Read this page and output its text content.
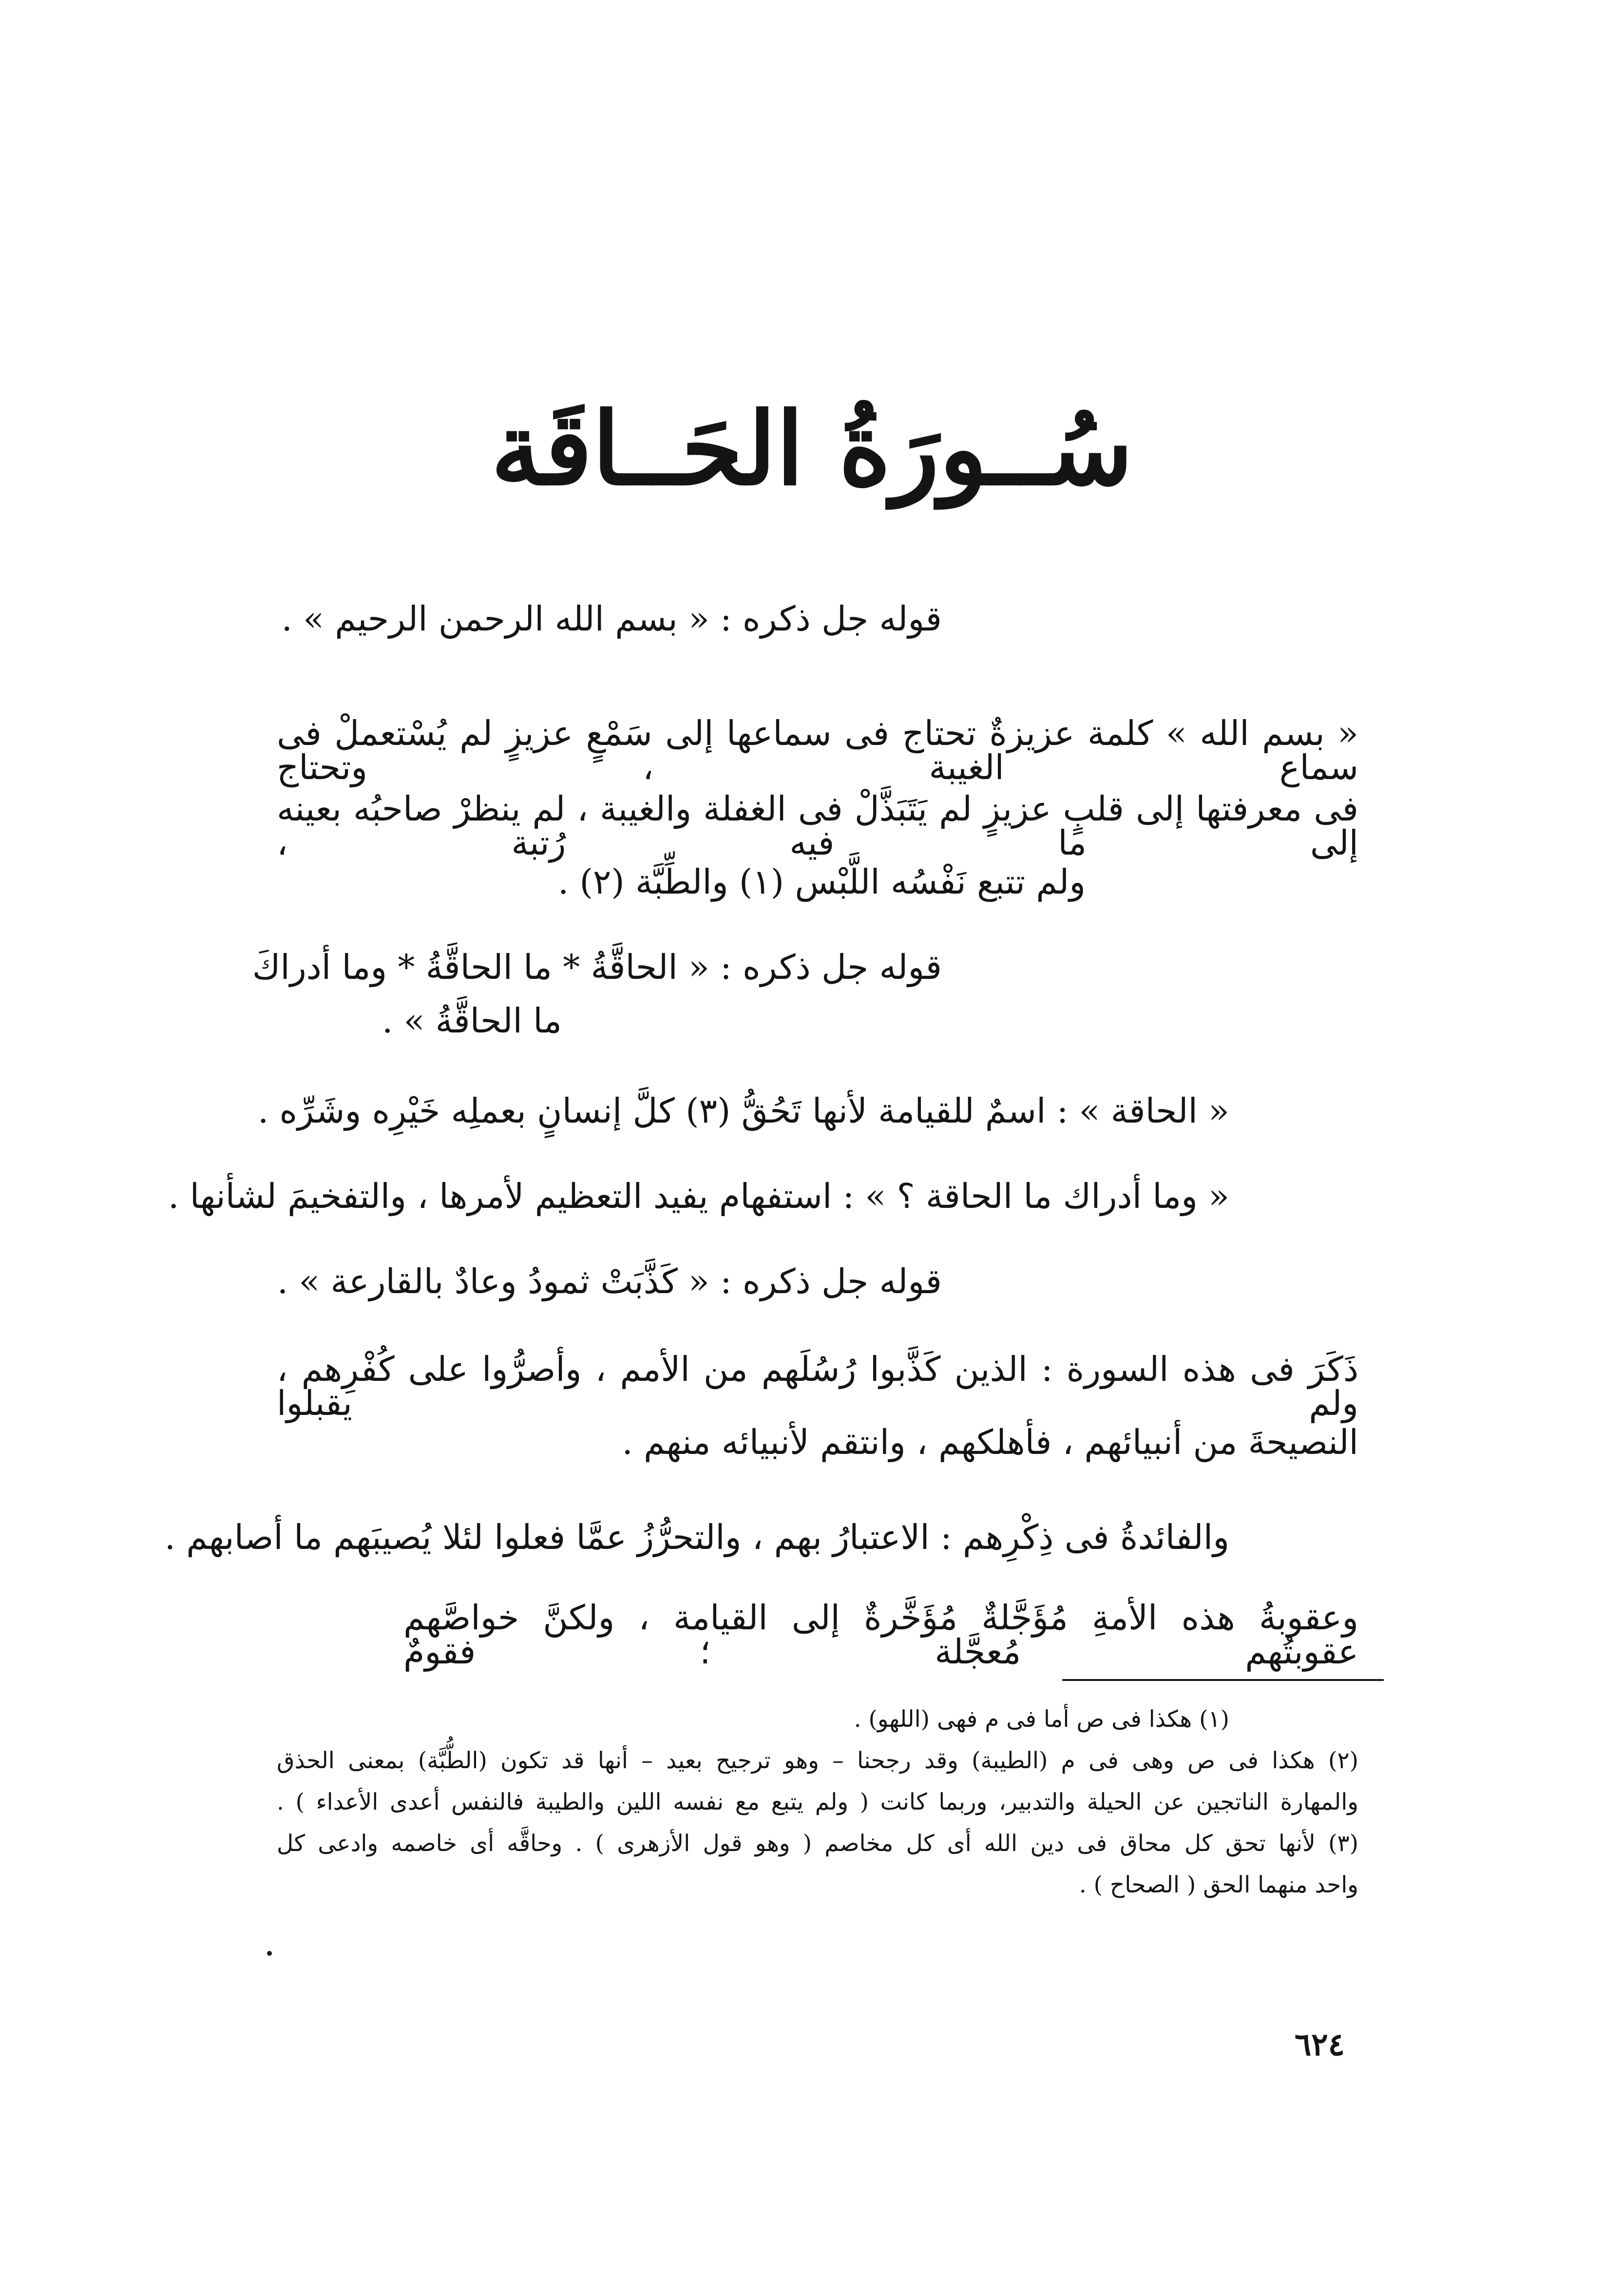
سُــورَةُ الحَــاقَة
قوله جل ذكره : « بسم الله الرحمن الرحيم » .
« بسم الله » كلمة عزيزةٌ تحتاج فى سماعها إلى سَمْعٍ عزيزٍ لم يُسْتعملْ فى سماع الغيبة ، وتحتاج
فى معرفتها إلى قلبٍ عزيزٍ لم يَتَبَذَّلْ فى الغفلة والغيبة ، لم ينظرْ صاحبُه بعينه إلى ما فيه رُتبة ،
ولم تتبع نَفْسُه اللَّبْس (١) والطِّبَّة (٢) .
قوله جل ذكره : « الحاقَّةُ * ما الحاقَّةُ * وما أدراكَ
ما الحاقَّةُ » .
« الحاقة » : اسمٌ للقيامة لأنها تَحُقُّ (٣) كلَّ إنسانٍ بعملِه خَيْرِه وشَرِّه .
« وما أدراك ما الحاقة ؟ » : استفهام يفيد التعظيم لأمرها ، والتفخيمَ لشأنها .
قوله جل ذكره : « كَذَّبَتْ ثمودُ وعادٌ بالقارعة » .
ذَكَرَ فى هذه السورة : الذين كَذَّبوا رُسُلَهم من الأمم ، وأصرُّوا على كُفْرِهم ، ولم يقبلوا
النصيحةَ من أنبيائهم ، فأهلكهم ، وانتقم لأنبيائه منهم .
والفائدةُ فى ذِكْرِهم : الاعتبارُ بهم ، والتحرُّزُ عمَّا فعلوا لئلا يُصيبَهم ما أصابهم .
وعقوبةُ هذه الأمةِ مُؤَجَّلةٌ مُؤَخَّرةٌ إلى القيامة ، ولكنَّ خواصَّهم عقوبتُهم مُعجَّلة ؛ فقومٌ
(١) هكذا فى ص أما فى م فهى (اللهو) .
(٢) هكذا فى ص وهى فى م (الطيبة) وقد رجحنا – وهو ترجيح بعيد – أنها قد تكون (الطُّبَّة) بمعنى الحذق
والمهارة الناتجين عن الحيلة والتدبير، وربما كانت ( ولم يتبع مع نفسه اللين والطيبة فالنفس أعدى الأعداء ) .
(٣) لأنها تحق كل محاق فى دين الله أى كل مخاصم ( وهو قول الأزهرى ) . وحاقَّه أى خاصمه وادعى كل
واحد منهما الحق ( الصحاح ) .
٦٢٤
